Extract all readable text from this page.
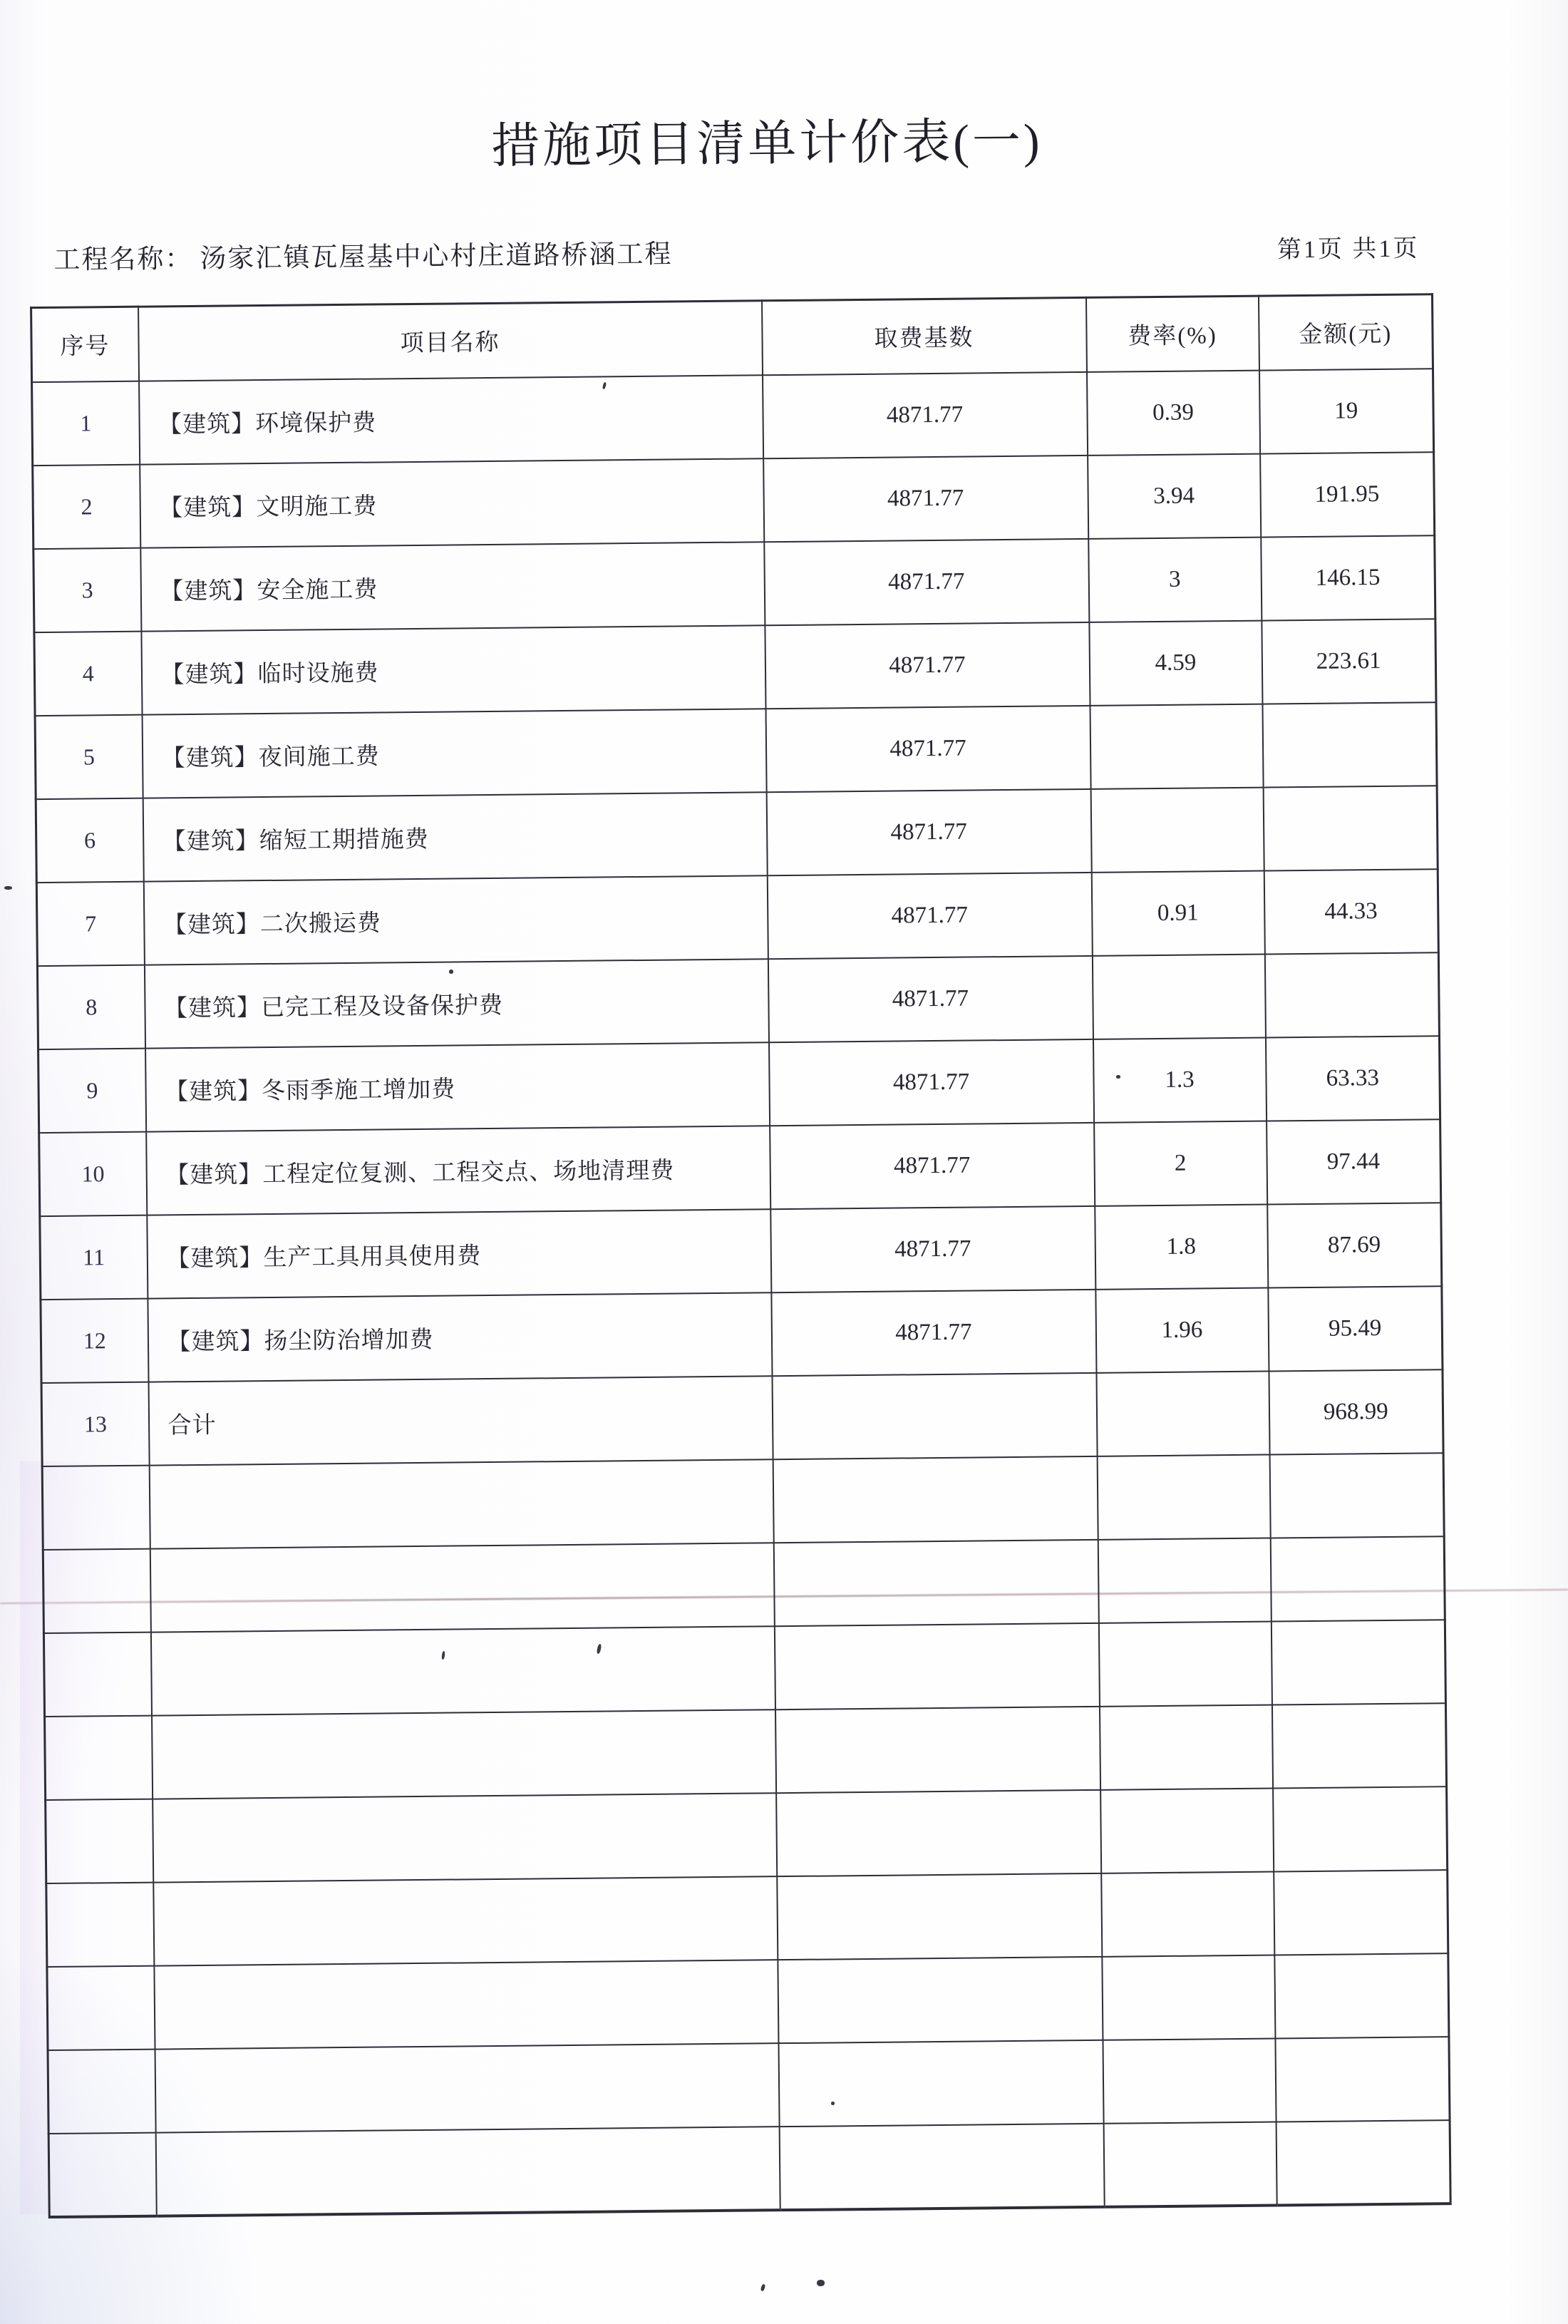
措施项目清单计价表(一)
工程名称： 汤家汇镇瓦屋基中心村庄道路桥涵工程	第1页 共1页
序号	项目名称	取费基数	费率(%)	金额(元)
1	【建筑】环境保护费	4871.77	0.39	19
2	【建筑】文明施工费	4871.77	3.94	191.95
3	【建筑】安全施工费	4871.77	3	146.15
4	【建筑】临时设施费	4871.77	4.59	223.61
5	【建筑】夜间施工费	4871.77		
6	【建筑】缩短工期措施费	4871.77		
7	【建筑】二次搬运费	4871.77	0.91	44.33
8	【建筑】已完工程及设备保护费	4871.77		
9	【建筑】冬雨季施工增加费	4871.77	1.3	63.33
10	【建筑】工程定位复测、工程交点、场地清理费	4871.77	2	97.44
11	【建筑】生产工具用具使用费	4871.77	1.8	87.69
12	【建筑】扬尘防治增加费	4871.77	1.96	95.49
13	合计			968.99
